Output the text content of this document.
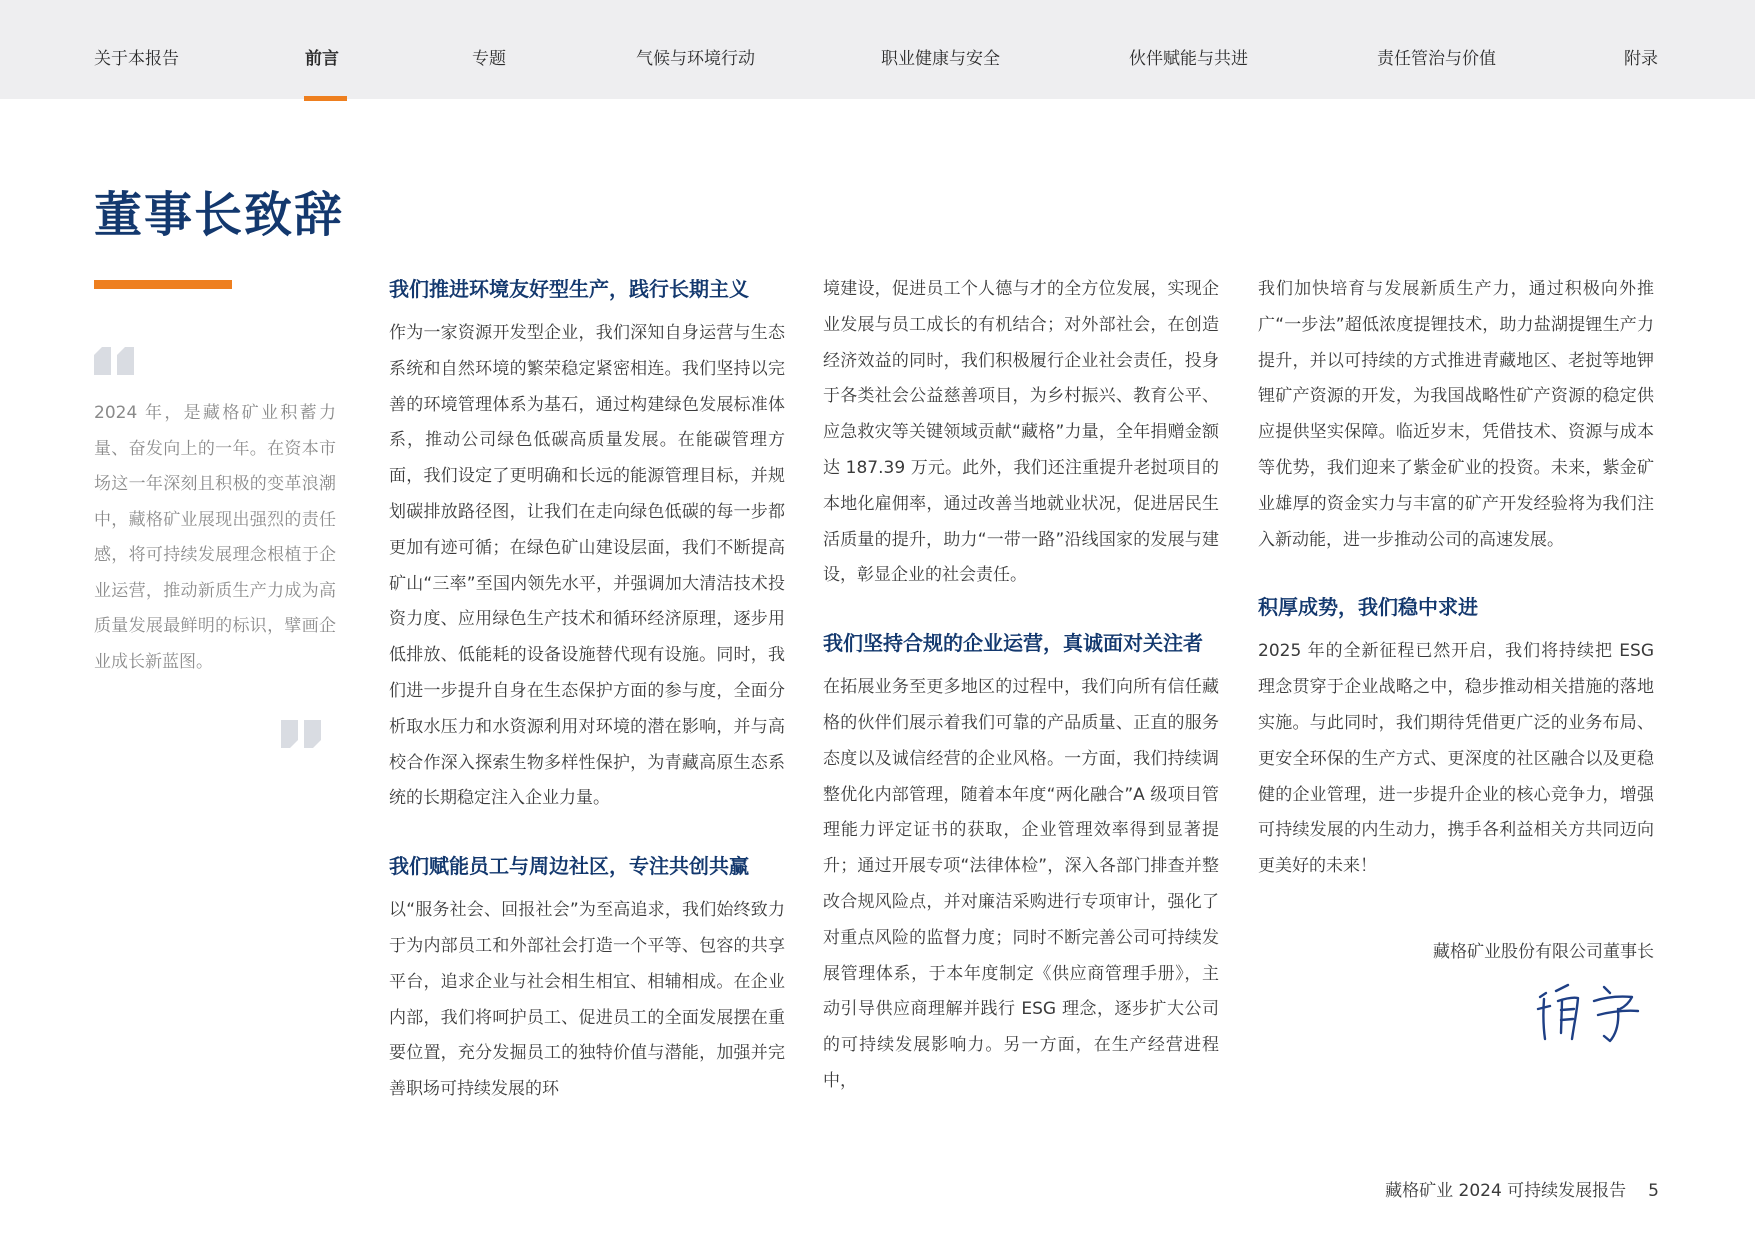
关于本报告	前言	专题	气候与环境行动	职业健康与安全	伙伴赋能与共进	责任管治与价值	附录
董事长致辞

2024 年，是藏格矿业积蓄力量、奋发向上的一年。在资本市场这一年深刻且积极的变革浪潮中，藏格矿业展现出强烈的责任感，将可持续发展理念根植于企业运营，推动新质生产力成为高质量发展最鲜明的标识，擘画企业成长新蓝图。

我们推进环境友好型生产，践行长期主义

作为一家资源开发型企业，我们深知自身运营与生态系统和自然环境的繁荣稳定紧密相连。我们坚持以完善的环境管理体系为基石，通过构建绿色发展标准体系，推动公司绿色低碳高质量发展。在能碳管理方面，我们设定了更明确和长远的能源管理目标，并规划碳排放路径图，让我们在走向绿色低碳的每一步都更加有迹可循；在绿色矿山建设层面，我们不断提高矿山“三率”至国内领先水平，并强调加大清洁技术投资力度、应用绿色生产技术和循环经济原理，逐步用低排放、低能耗的设备设施替代现有设施。同时，我们进一步提升自身在生态保护方面的参与度，全面分析取水压力和水资源利用对环境的潜在影响，并与高校合作深入探索生物多样性保护，为青藏高原生态系统的长期稳定注入企业力量。

我们赋能员工与周边社区，专注共创共赢

以“服务社会、回报社会”为至高追求，我们始终致力于为内部员工和外部社会打造一个平等、包容的共享平台，追求企业与社会相生相宜、相辅相成。在企业内部，我们将呵护员工、促进员工的全面发展摆在重要位置，充分发掘员工的独特价值与潜能，加强并完善职场可持续发展的环

境建设，促进员工个人德与才的全方位发展，实现企业发展与员工成长的有机结合；对外部社会，在创造经济效益的同时，我们积极履行企业社会责任，投身于各类社会公益慈善项目，为乡村振兴、教育公平、应急救灾等关键领域贡献“藏格”力量，全年捐赠金额达 187.39 万元。此外，我们还注重提升老挝项目的本地化雇佣率，通过改善当地就业状况，促进居民生活质量的提升，助力“一带一路”沿线国家的发展与建设，彰显企业的社会责任。

我们坚持合规的企业运营，真诚面对关注者

在拓展业务至更多地区的过程中，我们向所有信任藏格的伙伴们展示着我们可靠的产品质量、正直的服务态度以及诚信经营的企业风格。一方面，我们持续调整优化内部管理，随着本年度“两化融合”A 级项目管理能力评定证书的获取，企业管理效率得到显著提升；通过开展专项“法律体检”，深入各部门排查并整改合规风险点，并对廉洁采购进行专项审计，强化了对重点风险的监督力度；同时不断完善公司可持续发展管理体系，于本年度制定《供应商管理手册》，主动引导供应商理解并践行 ESG 理念，逐步扩大公司的可持续发展影响力。另一方面，在生产经营进程中，

我们加快培育与发展新质生产力，通过积极向外推广“一步法”超低浓度提锂技术，助力盐湖提锂生产力提升，并以可持续的方式推进青藏地区、老挝等地钾锂矿产资源的开发，为我国战略性矿产资源的稳定供应提供坚实保障。临近岁末，凭借技术、资源与成本等优势，我们迎来了紫金矿业的投资。未来，紫金矿业雄厚的资金实力与丰富的矿产开发经验将为我们注入新动能，进一步推动公司的高速发展。

积厚成势，我们稳中求进

2025 年的全新征程已然开启，我们将持续把 ESG 理念贯穿于企业战略之中，稳步推动相关措施的落地实施。与此同时，我们期待凭借更广泛的业务布局、更安全环保的生产方式、更深度的社区融合以及更稳健的企业管理，进一步提升企业的核心竞争力，增强可持续发展的内生动力，携手各利益相关方共同迈向更美好的未来！

藏格矿业股份有限公司董事长
藏格矿业 2024 可持续发展报告 5
